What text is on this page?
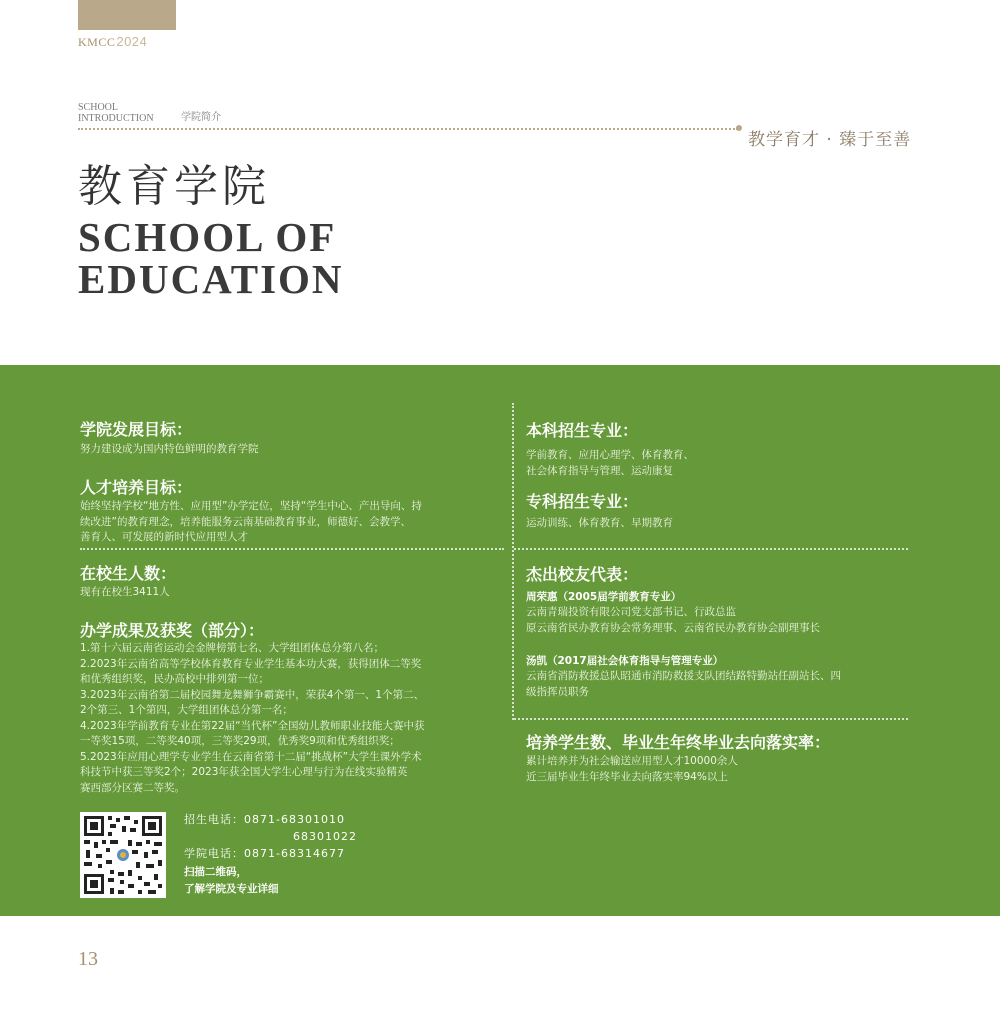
KMCC2024
SCHOOL
INTRODUCTION	学院简介
教学育才 · 臻于至善
教育学院
SCHOOL OF
EDUCATION
学院发展目标：
努力建设成为国内特色鲜明的教育学院
人才培养目标：
始终坚持学校“地方性、应用型”办学定位，坚持“学生中心、产出导向、持
续改进”的教育理念，培养能服务云南基础教育事业，师德好、会教学、
善育人、可发展的新时代应用型人才
在校生人数：
现有在校生3411人
办学成果及获奖（部分）：
1.第十六届云南省运动会金牌榜第七名、大学组团体总分第八名；
2.2023年云南省高等学校体育教育专业学生基本功大赛，获得团体二等奖
和优秀组织奖，民办高校中排列第一位；
3.2023年云南省第二届校园舞龙舞狮争霸赛中，荣获4个第一、1个第二、
2个第三、1个第四，大学组团体总分第一名；
4.2023年学前教育专业在第22届“当代杯”全国幼儿教师职业技能大赛中获
一等奖15项，二等奖40项，三等奖29项，优秀奖9项和优秀组织奖；
5.2023年应用心理学专业学生在云南省第十二届“挑战杯”大学生课外学术
科技节中获三等奖2个；2023年获全国大学生心理与行为在线实验精英
赛西部分区赛二等奖。
本科招生专业：
学前教育、应用心理学、体育教育、
社会体育指导与管理、运动康复
专科招生专业：
运动训练、体育教育、早期教育
杰出校友代表：
周荣惠（2005届学前教育专业）
云南青瑞投资有限公司党支部书记、行政总监
原云南省民办教育协会常务理事、云南省民办教育协会副理事长
汤凯（2017届社会体育指导与管理专业）
云南省消防救援总队昭通市消防救援支队团结路特勤站任副站长、四
级指挥员职务
培养学生数、毕业生年终毕业去向落实率：
累计培养并为社会输送应用型人才10000余人
近三届毕业生年终毕业去向落实率94%以上
招生电话：0871-68301010
68301022
学院电话：0871-68314677
扫描二维码，
了解学院及专业详细
13
